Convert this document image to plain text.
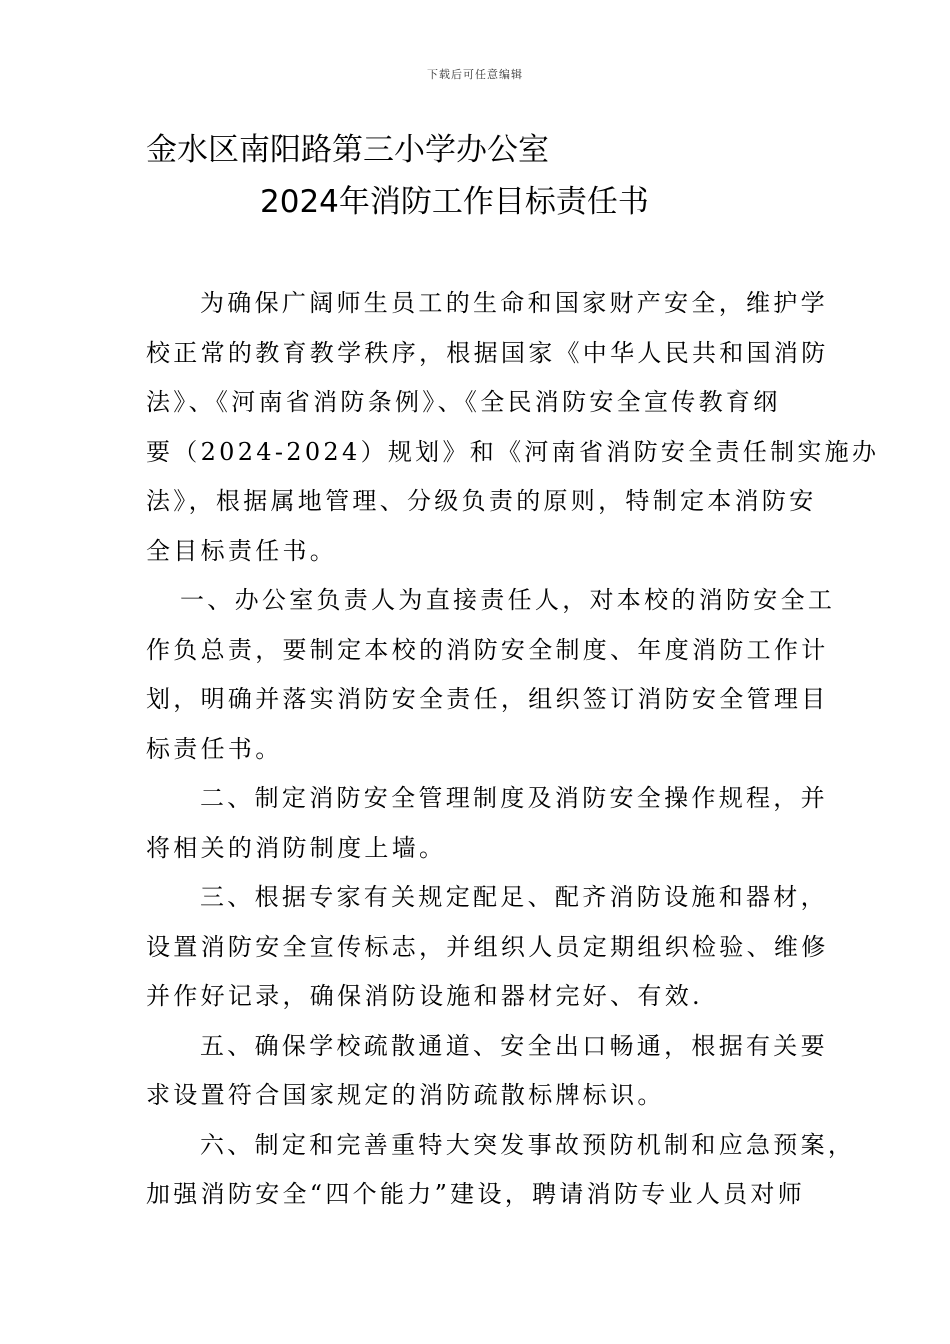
下载后可任意编辑
金水区南阳路第三小学办公室
2024年消防工作目标责任书
为确保广阔师生员工的生命和国家财产安全，维护学
校正常的教育教学秩序，根据国家《中华人民共和国消防
法》、《河南省消防条例》、《全民消防安全宣传教育纲
要（2024-2024）规划》和《河南省消防安全责任制实施办
法》，根据属地管理、分级负责的原则，特制定本消防安
全目标责任书。
一、办公室负责人为直接责任人，对本校的消防安全工
作负总责，要制定本校的消防安全制度、年度消防工作计
划，明确并落实消防安全责任，组织签订消防安全管理目
标责任书。
二、制定消防安全管理制度及消防安全操作规程，并
将相关的消防制度上墙。
三、根据专家有关规定配足、配齐消防设施和器材，
设置消防安全宣传标志，并组织人员定期组织检验、维修
并作好记录，确保消防设施和器材完好、有效.
五、确保学校疏散通道、安全出口畅通，根据有关要
求设置符合国家规定的消防疏散标牌标识。
六、制定和完善重特大突发事故预防机制和应急预案，
加强消防安全“四个能力”建设，聘请消防专业人员对师
